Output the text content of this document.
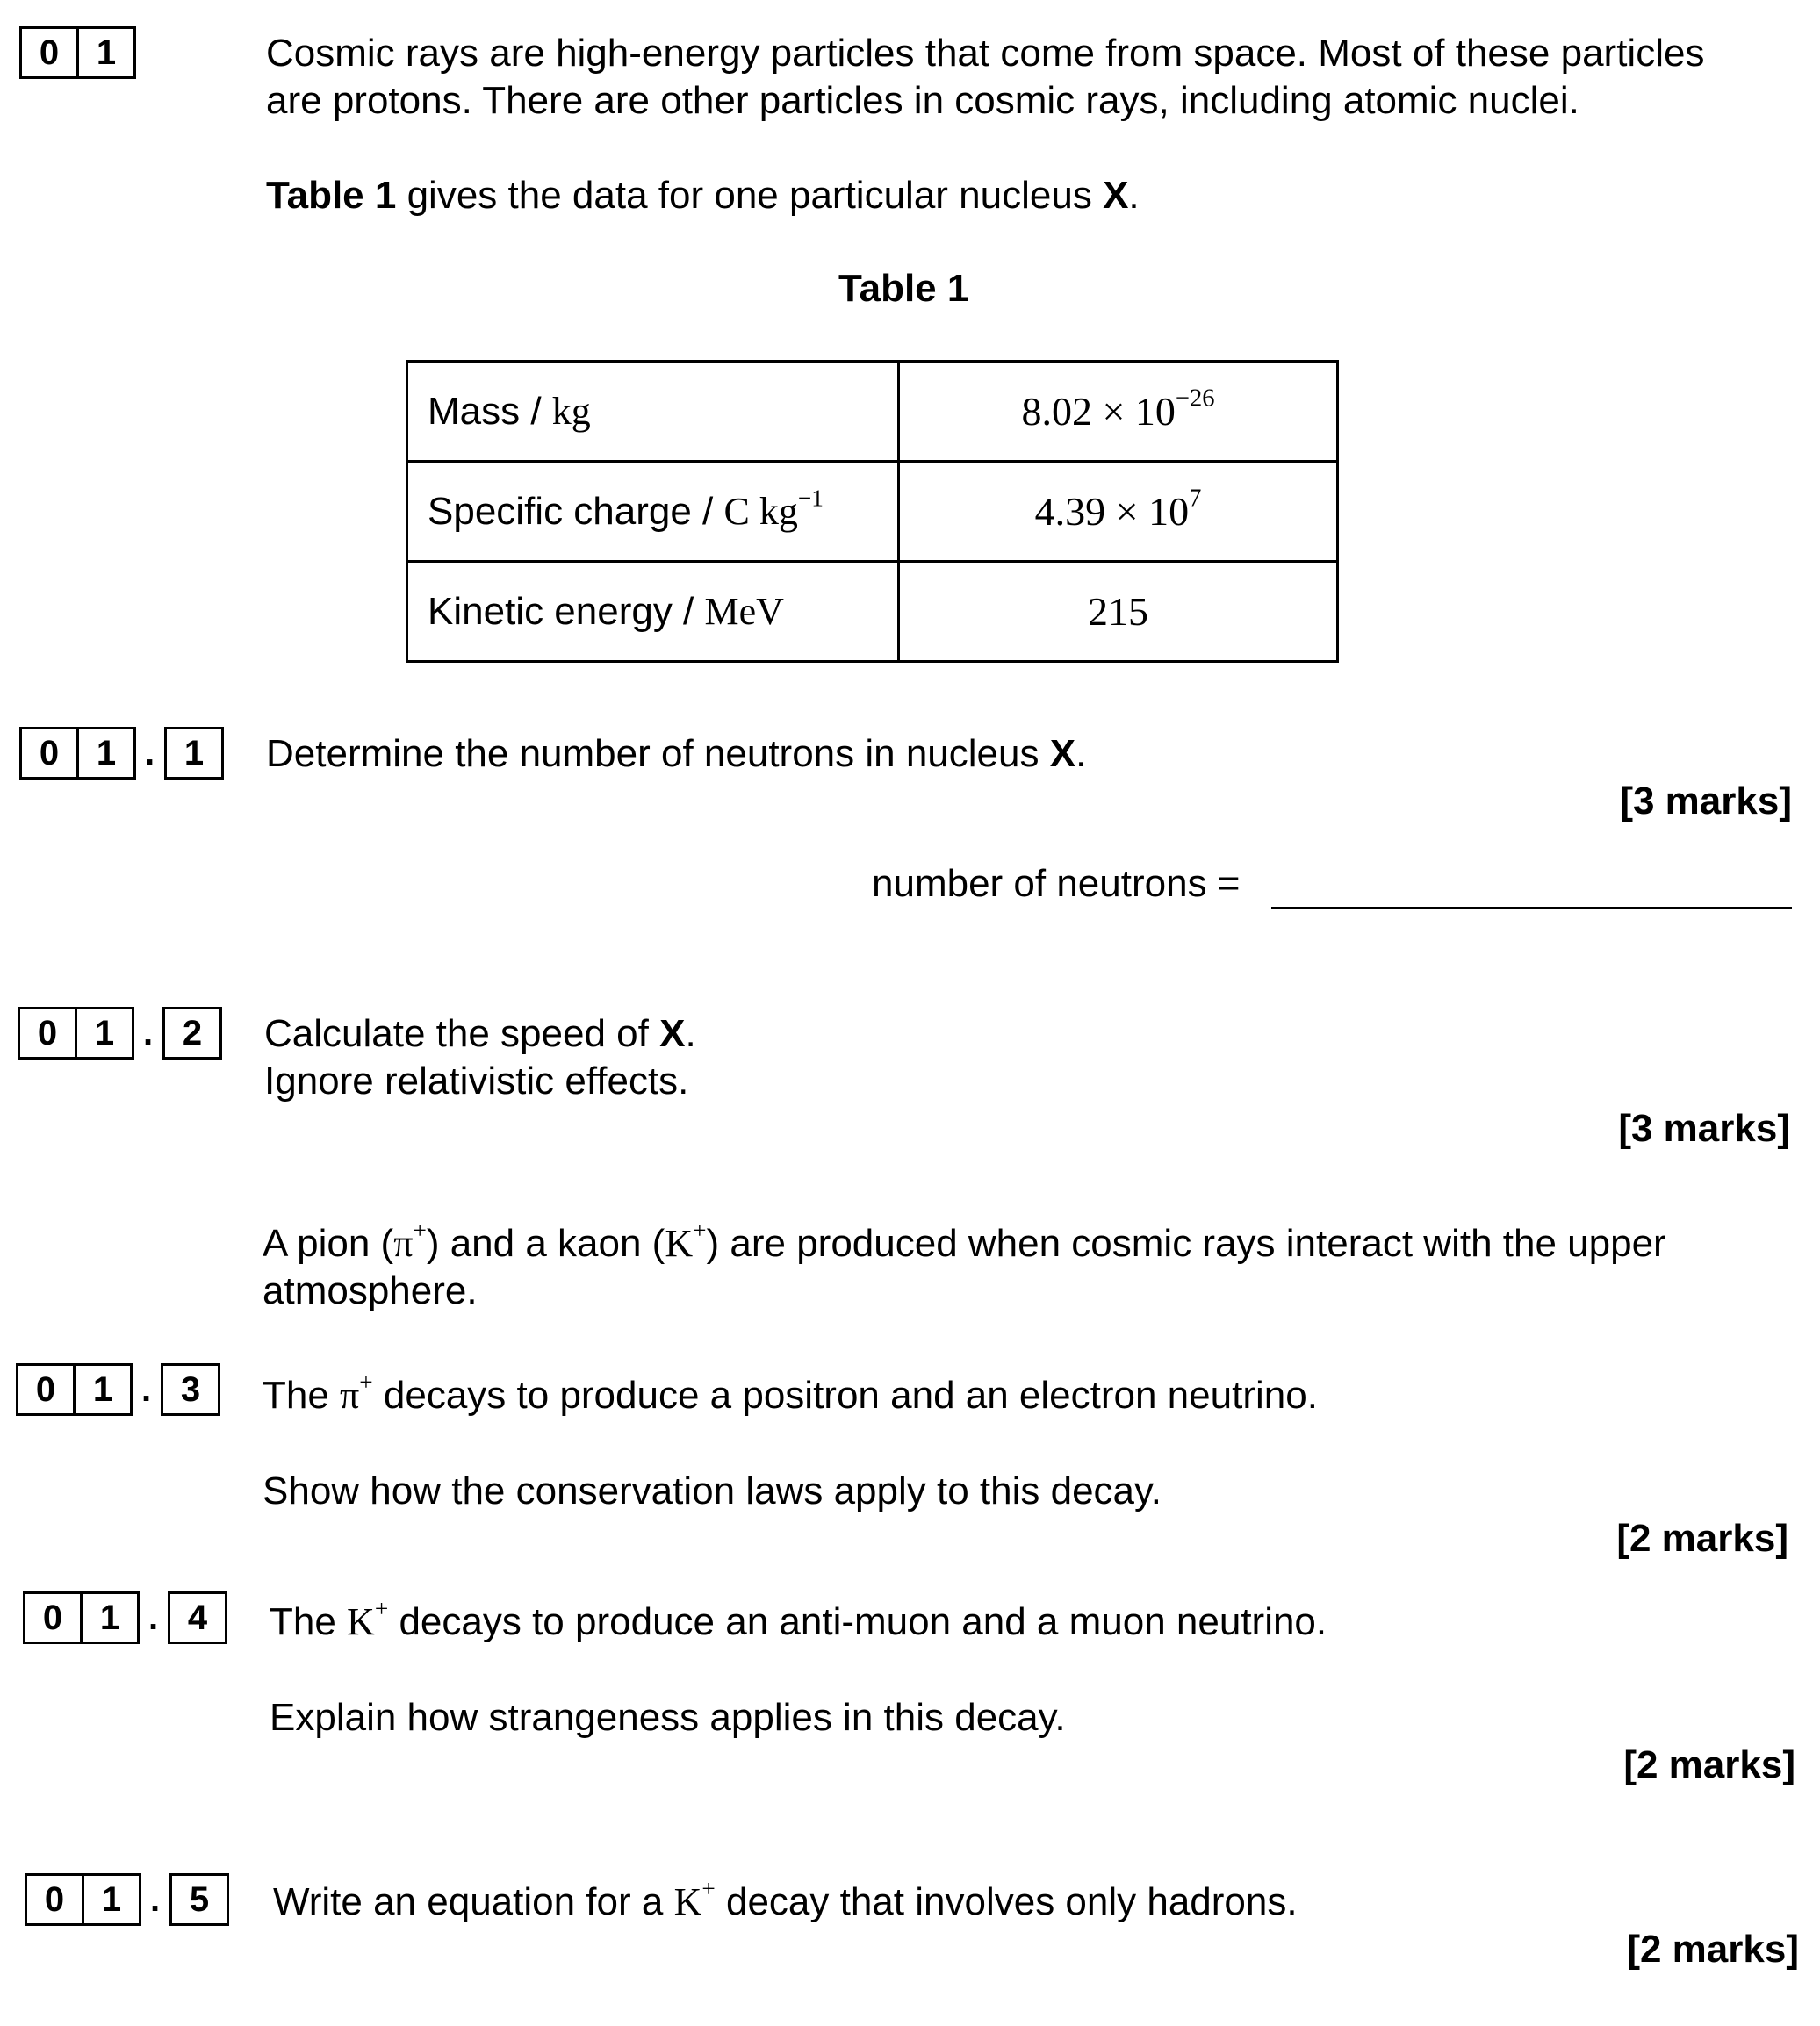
0	1	Cosmic rays are high-energy particles that come from space. Most of these particles
are protons. There are other particles in cosmic rays, including atomic nuclei.
Table 1 gives the data for one particular nucleus X.
Table 1
Mass / kg	$8.02 \times 10^{-26}$
Specific charge / C $kg^{-1}$	$4.39 \times 10^7$
Kinetic energy / MeV	215
0	1 . 1	Determine the number of neutrons in nucleus X.
[3 marks]
number of neutrons =
0	1 . 2	Calculate the speed of X.
Ignore relativistic effects.
[3 marks]
A pion (π+) and a kaon (K+) are produced when cosmic rays interact with the upper
atmosphere.
0	1 . 3	The π+ decays to produce a positron and an electron neutrino.
Show how the conservation laws apply to this decay.
[2 marks]
0	1 . 4	The K+ decays to produce an anti-muon and a muon neutrino.
Explain how strangeness applies in this decay.
[2 marks]
0	1 . 5	Write an equation for a K+ decay that involves only hadrons.
[2 marks]
